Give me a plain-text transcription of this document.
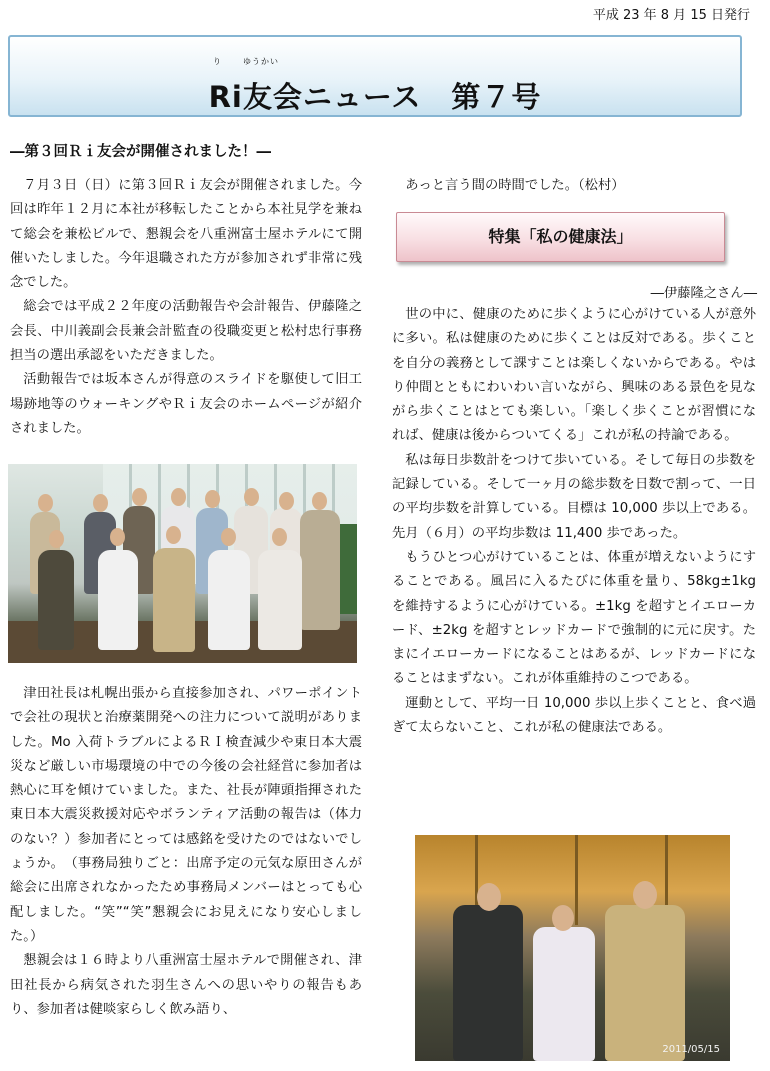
平成 23 年 8 月 15 日発行
り	ゆうかい
Ri友会ニュース　第７号
―第３回Ｒｉ友会が開催されました！―

７月３日（日）に第３回Ｒｉ友会が開催されました。今回は昨年１２月に本社が移転したことから本社見学を兼ねて総会を兼松ビルで、懇親会を八重洲富士屋ホテルにて開催いたしました。今年退職された方が参加されず非常に残念でした。

総会では平成２２年度の活動報告や会計報告、伊藤隆之会長、中川義副会長兼会計監査の役職変更と松村忠行事務担当の選出承認をいただきました。

活動報告では坂本さんが得意のスライドを駆使して旧工場跡地等のウォーキングやＲｉ友会のホームページが紹介されました。

津田社長は札幌出張から直接参加され、パワーポイントで会社の現状と治療薬開発への注力について説明がありました。Mo 入荷トラブルによるＲＩ検査減少や東日本大震災など厳しい市場環境の中での今後の会社経営に参加者は熱心に耳を傾けていました。また、社長が陣頭指揮された東日本大震災救援対応やボランティア活動の報告は（体力のない？）参加者にとっては感銘を受けたのではないでしょうか。　（事務局独りごと：出席予定の元気な原田さんが総会に出席されなかったため事務局メンバーはとっても心配しました。“笑”“笑”懇親会にお見えになり安心しました。）

懇親会は１６時より八重洲富士屋ホテルで開催され、津田社長から病気された羽生さんへの思いやりの報告もあり、参加者は健啖家らしく飲み語り、

あっと言う間の時間でした。（松村）

特集「私の健康法」
―伊藤隆之さん―

世の中に、健康のために歩くように心がけている人が意外に多い。私は健康のために歩くことは反対である。歩くことを自分の義務として課すことは楽しくないからである。やはり仲間とともにわいわい言いながら、興味のある景色を見ながら歩くことはとても楽しい。「楽しく歩くことが習慣になれば、健康は後からついてくる」これが私の持論である。

私は毎日歩数計をつけて歩いている。そして毎日の歩数を記録している。そして一ヶ月の総歩数を日数で割って、一日の平均歩数を計算している。目標は 10,000 歩以上である。先月（６月）の平均歩数は 11,400 歩であった。

もうひとつ心がけていることは、体重が増えないようにすることである。風呂に入るたびに体重を量り、58kg±1kg を維持するように心がけている。±1kg を超すとイエローカード、±2kg を超すとレッドカードで強制的に元に戻す。たまにイエローカードになることはあるが、レッドカードになることはまずない。これが体重維持のこつである。

運動として、平均一日 10,000 歩以上歩くことと、食べ過ぎて太らないこと、これが私の健康法である。

2011/05/15
